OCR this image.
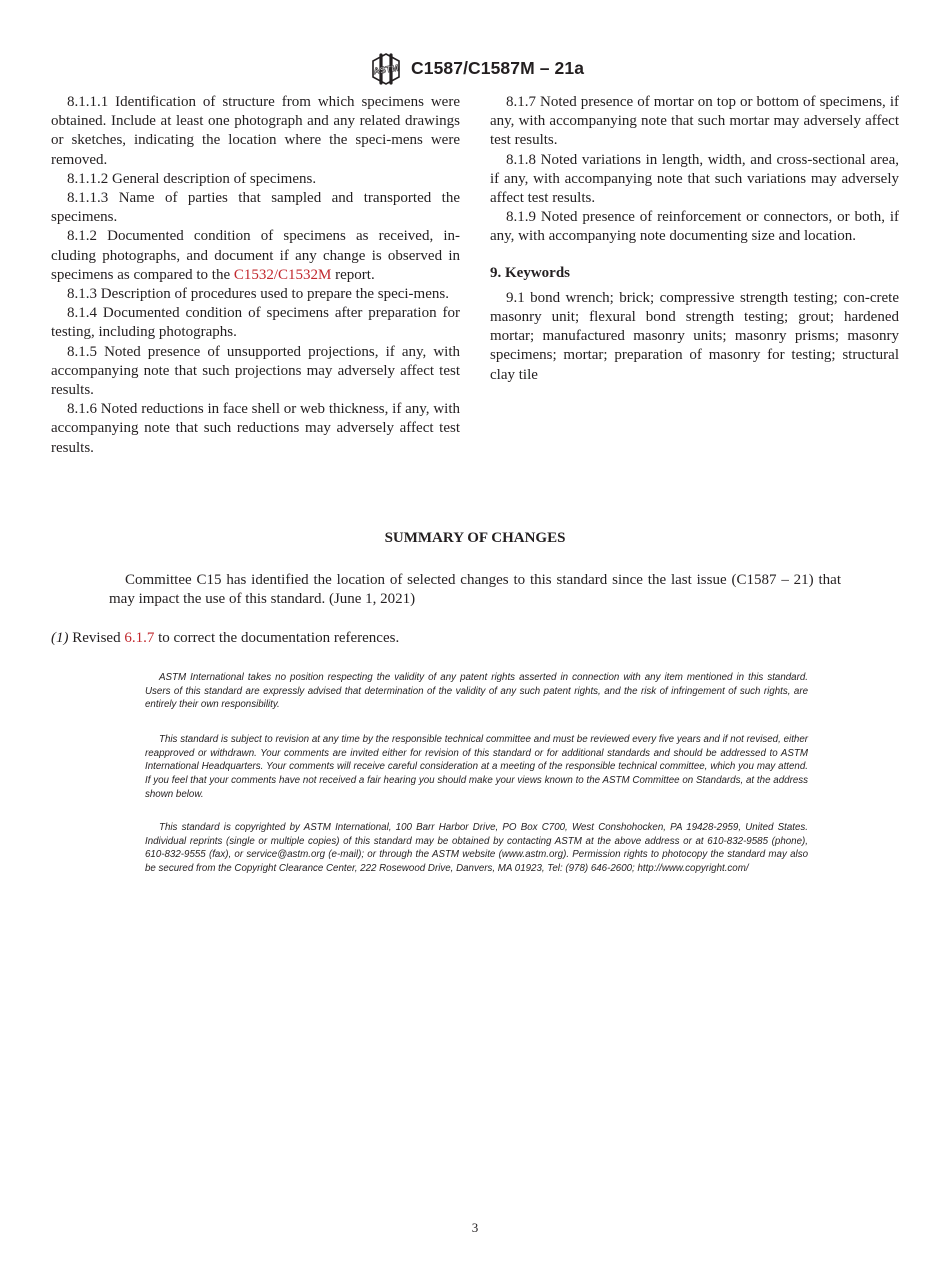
ASTM C1587/C1587M – 21a

8.1.1.1 Identification of structure from which specimens were obtained. Include at least one photograph and any related drawings or sketches, indicating the location where the speci-mens were removed.

8.1.1.2 General description of specimens.

8.1.1.3 Name of parties that sampled and transported the specimens.

8.1.2 Documented condition of specimens as received, in-cluding photographs, and document if any change is observed in specimens as compared to the C1532/C1532M report.

8.1.3 Description of procedures used to prepare the speci-mens.

8.1.4 Documented condition of specimens after preparation for testing, including photographs.

8.1.5 Noted presence of unsupported projections, if any, with accompanying note that such projections may adversely affect test results.

8.1.6 Noted reductions in face shell or web thickness, if any, with accompanying note that such reductions may adversely affect test results.

8.1.7 Noted presence of mortar on top or bottom of specimens, if any, with accompanying note that such mortar may adversely affect test results.

8.1.8 Noted variations in length, width, and cross-sectional area, if any, with accompanying note that such variations may adversely affect test results.

8.1.9 Noted presence of reinforcement or connectors, or both, if any, with accompanying note documenting size and location.

9. Keywords

9.1 bond wrench; brick; compressive strength testing; con-crete masonry unit; flexural bond strength testing; grout; hardened mortar; manufactured masonry units; masonry prisms; masonry specimens; mortar; preparation of masonry for testing; structural clay tile

SUMMARY OF CHANGES

Committee C15 has identified the location of selected changes to this standard since the last issue (C1587 – 21) that may impact the use of this standard. (June 1, 2021)

(1) Revised 6.1.7 to correct the documentation references.

ASTM International takes no position respecting the validity of any patent rights asserted in connection with any item mentioned in this standard. Users of this standard are expressly advised that determination of the validity of any such patent rights, and the risk of infringement of such rights, are entirely their own responsibility.

This standard is subject to revision at any time by the responsible technical committee and must be reviewed every five years and if not revised, either reapproved or withdrawn. Your comments are invited either for revision of this standard or for additional standards and should be addressed to ASTM International Headquarters. Your comments will receive careful consideration at a meeting of the responsible technical committee, which you may attend. If you feel that your comments have not received a fair hearing you should make your views known to the ASTM Committee on Standards, at the address shown below.

This standard is copyrighted by ASTM International, 100 Barr Harbor Drive, PO Box C700, West Conshohocken, PA 19428-2959, United States. Individual reprints (single or multiple copies) of this standard may be obtained by contacting ASTM at the above address or at 610-832-9585 (phone), 610-832-9555 (fax), or service@astm.org (e-mail); or through the ASTM website (www.astm.org). Permission rights to photocopy the standard may also be secured from the Copyright Clearance Center, 222 Rosewood Drive, Danvers, MA 01923, Tel: (978) 646-2600; http://www.copyright.com/

3
